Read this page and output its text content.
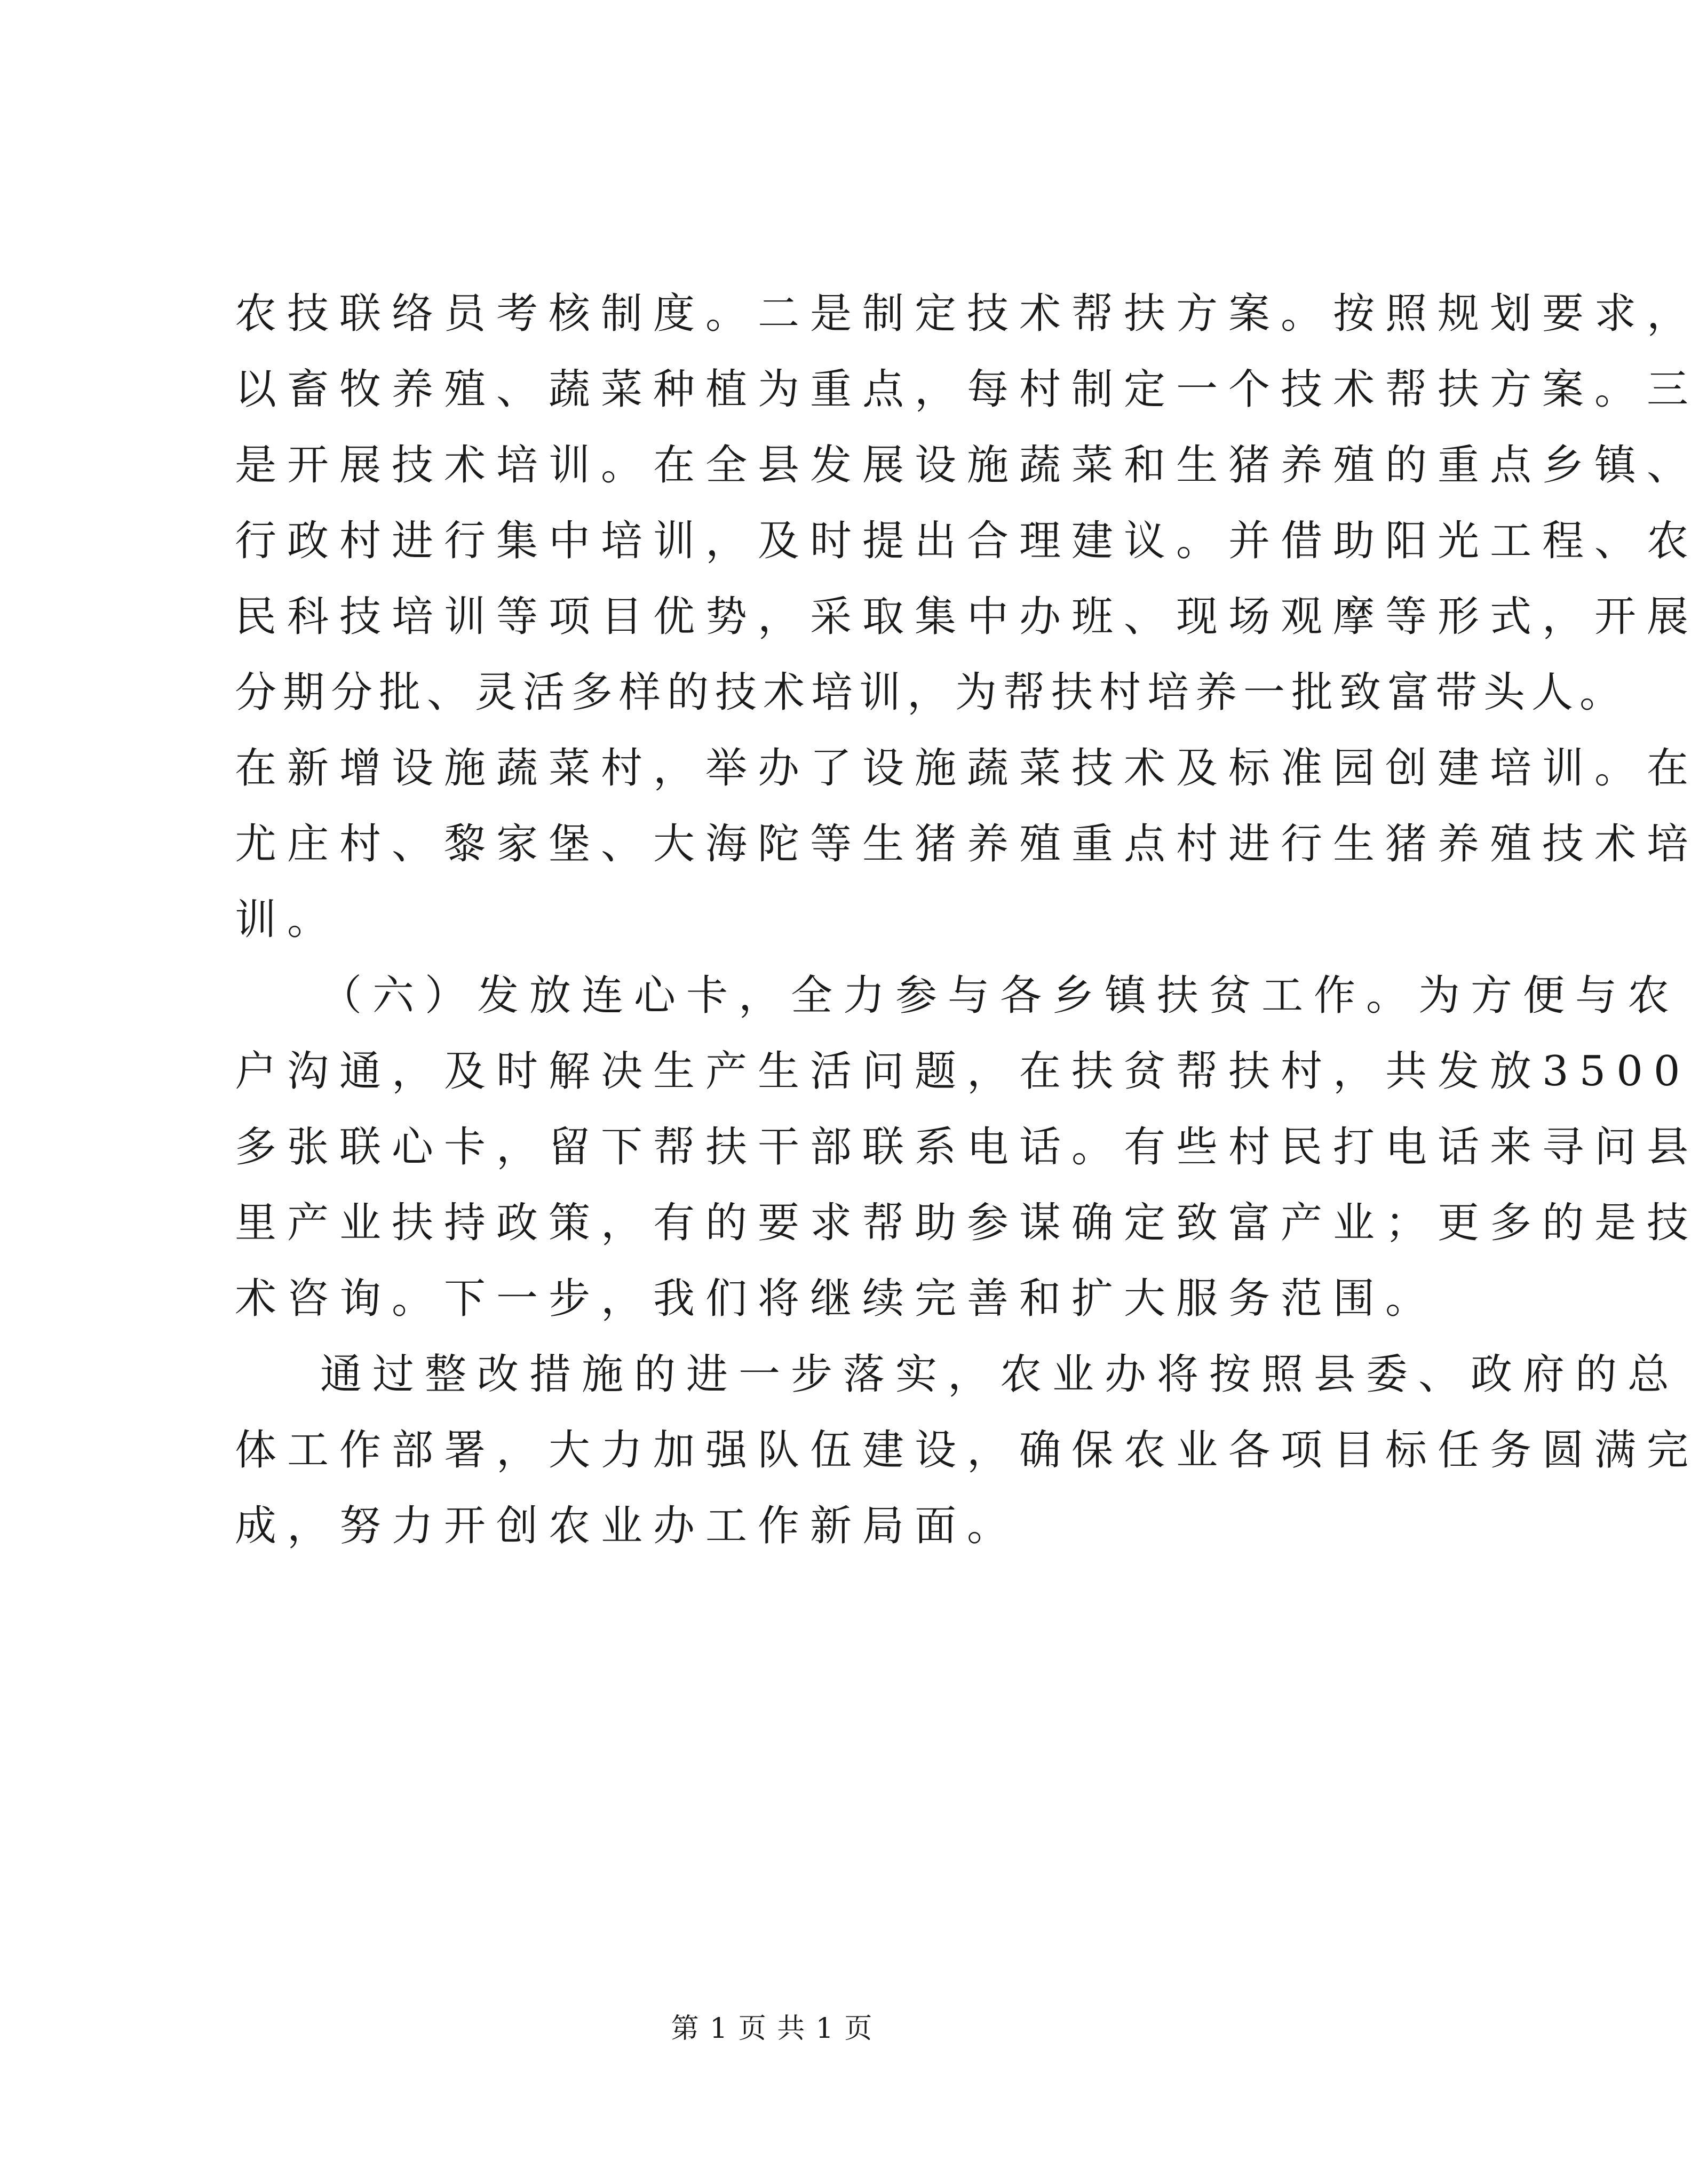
农技联络员考核制度。二是制定技术帮扶方案。按照规划要求，
以畜牧养殖、蔬菜种植为重点，每村制定一个技术帮扶方案。三
是开展技术培训。在全县发展设施蔬菜和生猪养殖的重点乡镇、
行政村进行集中培训，及时提出合理建议。并借助阳光工程、农
民科技培训等项目优势，采取集中办班、现场观摩等形式，开展
分期分批、灵活多样的技术培训，为帮扶村培养一批致富带头人。
在新增设施蔬菜村，举办了设施蔬菜技术及标准园创建培训。在
尤庄村、黎家堡、大海陀等生猪养殖重点村进行生猪养殖技术培
训。
（六）发放连心卡，全力参与各乡镇扶贫工作。为方便与农
户沟通，及时解决生产生活问题，在扶贫帮扶村，共发放3500
多张联心卡，留下帮扶干部联系电话。有些村民打电话来寻问县
里产业扶持政策，有的要求帮助参谋确定致富产业；更多的是技
术咨询。下一步，我们将继续完善和扩大服务范围。
通过整改措施的进一步落实，农业办将按照县委、政府的总
体工作部署，大力加强队伍建设，确保农业各项目标任务圆满完
成，努力开创农业办工作新局面。
第 1 页 共 1 页
